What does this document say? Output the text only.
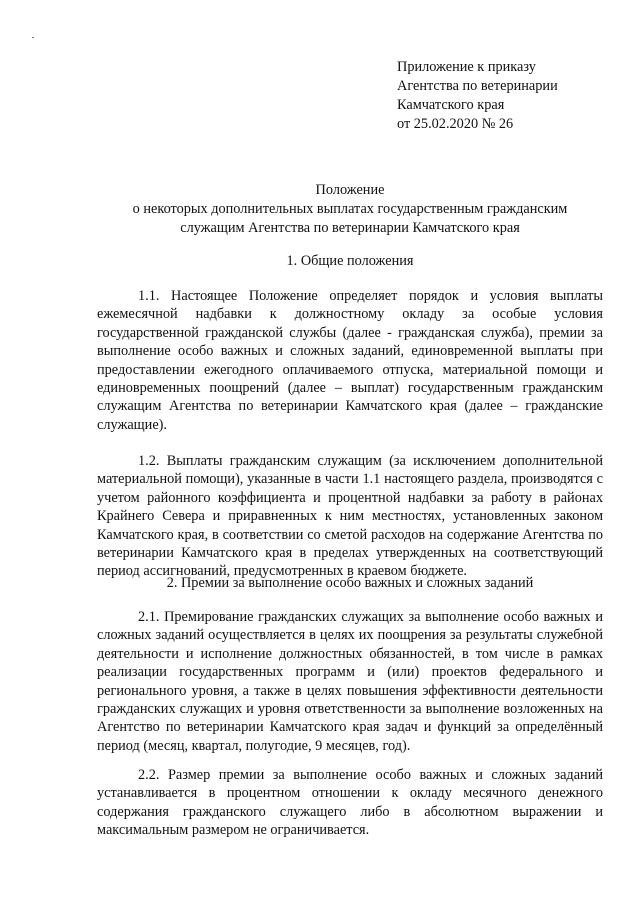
Приложение к приказу
Агентства по ветеринарии
Камчатского края
от 25.02.2020 № 26
Положение
о некоторых дополнительных выплатах государственным гражданским
служащим Агентства по ветеринарии Камчатского края
1. Общие положения

1.1. Настоящее Положение определяет порядок и условия выплаты ежемесячной надбавки к должностному окладу за особые условия государственной гражданской службы (далее - гражданская служба), премии за выполнение особо важных и сложных заданий, единовременной выплаты при предоставлении ежегодного оплачиваемого отпуска, материальной помощи и единовременных поощрений (далее – выплат) государственным гражданским служащим Агентства по ветеринарии Камчатского края (далее – гражданские служащие).

1.2. Выплаты гражданским служащим (за исключением дополнительной материальной помощи), указанные в части 1.1 настоящего раздела, производятся с учетом районного коэффициента и процентной надбавки за работу в районах Крайнего Севера и приравненных к ним местностях, установленных законом Камчатского края, в соответствии со сметой расходов на содержание Агентства по ветеринарии Камчатского края в пределах утвержденных на соответствующий период ассигнований, предусмотренных в краевом бюджете.

2. Премии за выполнение особо важных и сложных заданий

2.1. Премирование гражданских служащих за выполнение особо важных и сложных заданий осуществляется в целях их поощрения за результаты служебной деятельности и исполнение должностных обязанностей, в том числе в рамках реализации государственных программ и (или) проектов федерального и регионального уровня, а также в целях повышения эффективности деятельности гражданских служащих и уровня ответственности за выполнение возложенных на Агентство по ветеринарии Камчатского края задач и функций за определённый период (месяц, квартал, полугодие, 9 месяцев, год).

2.2. Размер премии за выполнение особо важных и сложных заданий устанавливается в процентном отношении к окладу месячного денежного содержания гражданского служащего либо в абсолютном выражении и максимальным размером не ограничивается.
